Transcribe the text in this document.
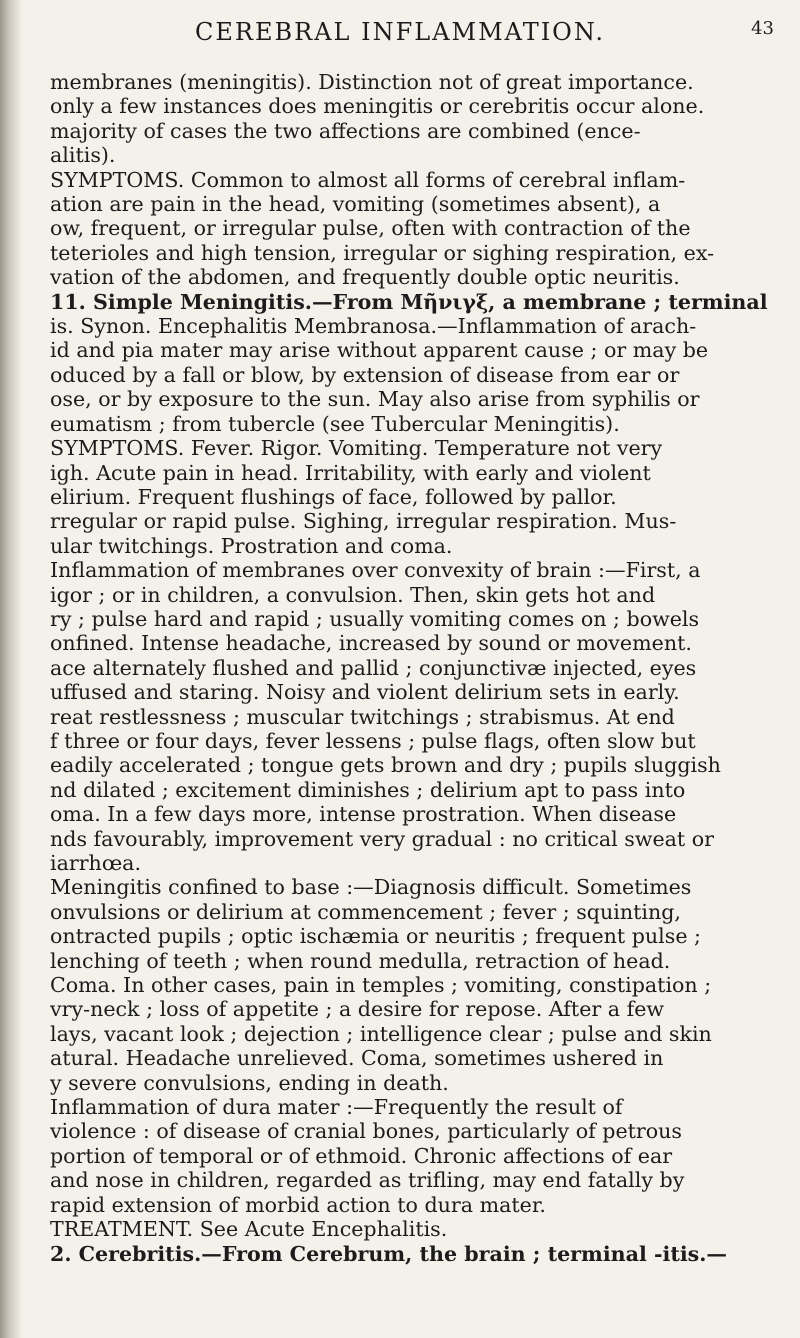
CEREBRAL INFLAMMATION.	43
membranes (meningitis). Distinction not of great importance.
only a few instances does meningitis or cerebritis occur alone.
majority of cases the two affections are combined (ence-
alitis).
SYMPTOMS. Common to almost all forms of cerebral inflam-
ation are pain in the head, vomiting (sometimes absent), a
ow, frequent, or irregular pulse, often with contraction of the
teterioles and high tension, irregular or sighing respiration, ex-
vation of the abdomen, and frequently double optic neuritis.
11. Simple Meningitis.—From Μῆνιγξ, a membrane ; terminal
is. Synon. Encephalitis Membranosa.—Inflammation of arach-
id and pia mater may arise without apparent cause ; or may be
oduced by a fall or blow, by extension of disease from ear or
ose, or by exposure to the sun. May also arise from syphilis or
eumatism ; from tubercle (see Tubercular Meningitis).
SYMPTOMS. Fever. Rigor. Vomiting. Temperature not very
igh. Acute pain in head. Irritability, with early and violent
elirium. Frequent flushings of face, followed by pallor.
rregular or rapid pulse. Sighing, irregular respiration. Mus-
ular twitchings. Prostration and coma.
Inflammation of membranes over convexity of brain :—First, a
igor ; or in children, a convulsion. Then, skin gets hot and
ry ; pulse hard and rapid ; usually vomiting comes on ; bowels
onfined. Intense headache, increased by sound or movement.
ace alternately flushed and pallid ; conjunctivæ injected, eyes
uffused and staring. Noisy and violent delirium sets in early.
reat restlessness ; muscular twitchings ; strabismus. At end
f three or four days, fever lessens ; pulse flags, often slow but
eadily accelerated ; tongue gets brown and dry ; pupils sluggish
nd dilated ; excitement diminishes ; delirium apt to pass into
oma. In a few days more, intense prostration. When disease
nds favourably, improvement very gradual : no critical sweat or
iarrhœa.
Meningitis confined to base :—Diagnosis difficult. Sometimes
onvulsions or delirium at commencement ; fever ; squinting,
ontracted pupils ; optic ischæmia or neuritis ; frequent pulse ;
lenching of teeth ; when round medulla, retraction of head.
Coma. In other cases, pain in temples ; vomiting, constipation ;
vry-neck ; loss of appetite ; a desire for repose. After a few
lays, vacant look ; dejection ; intelligence clear ; pulse and skin
atural. Headache unrelieved. Coma, sometimes ushered in
y severe convulsions, ending in death.
Inflammation of dura mater :—Frequently the result of
violence : of disease of cranial bones, particularly of petrous
portion of temporal or of ethmoid. Chronic affections of ear
and nose in children, regarded as trifling, may end fatally by
rapid extension of morbid action to dura mater.
TREATMENT. See Acute Encephalitis.
2. Cerebritis.—From Cerebrum, the brain ; terminal -itis.—
